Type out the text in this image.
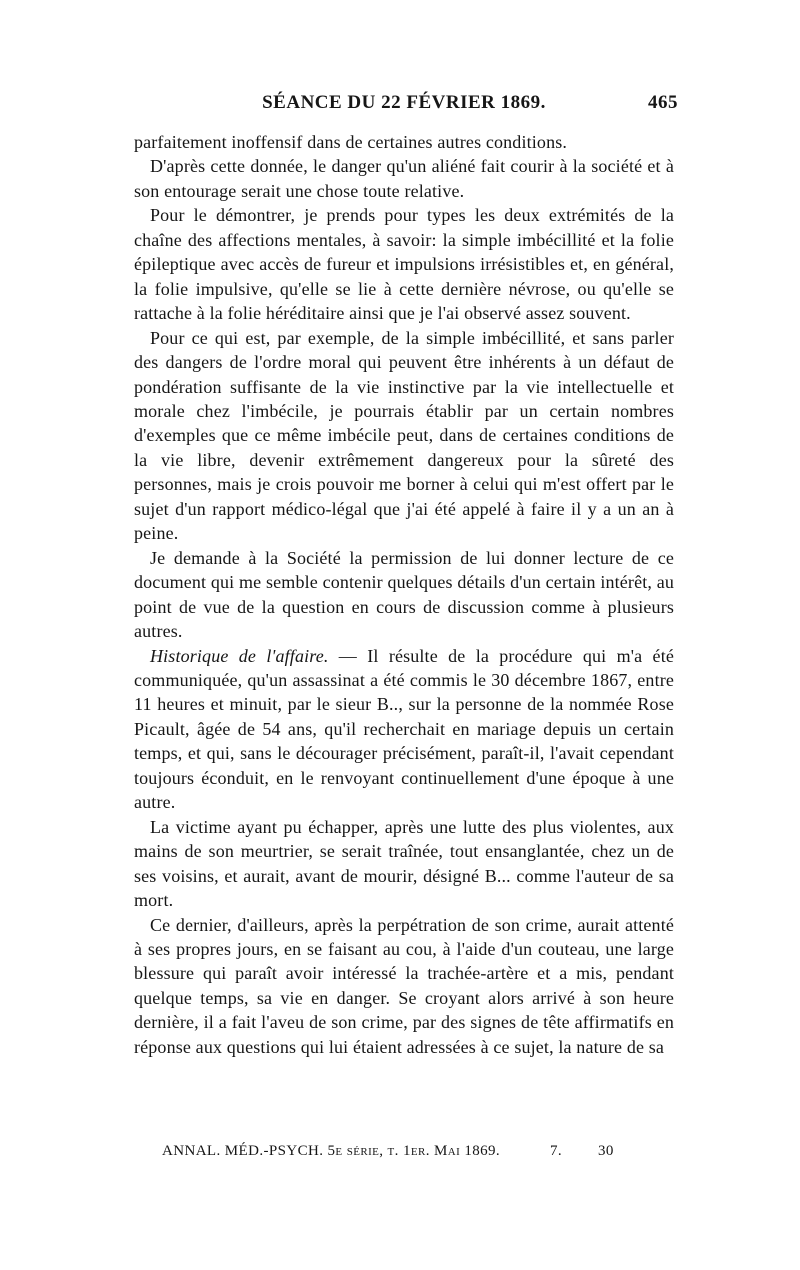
SÉANCE DU 22 FÉVRIER 1869.	465

parfaitement inoffensif dans de certaines autres conditions.

D'après cette donnée, le danger qu'un aliéné fait courir à la société et à son entourage serait une chose toute relative.

Pour le démontrer, je prends pour types les deux extrémités de la chaîne des affections mentales, à savoir: la simple imbécillité et la folie épileptique avec accès de fureur et impulsions irrésistibles et, en général, la folie impulsive, qu'elle se lie à cette dernière névrose, ou qu'elle se rattache à la folie héréditaire ainsi que je l'ai observé assez souvent.

Pour ce qui est, par exemple, de la simple imbécillité, et sans parler des dangers de l'ordre moral qui peuvent être inhérents à un défaut de pondération suffisante de la vie instinctive par la vie intellectuelle et morale chez l'imbécile, je pourrais établir par un certain nombres d'exemples que ce même imbécile peut, dans de certaines conditions de la vie libre, devenir extrêmement dangereux pour la sûreté des personnes, mais je crois pouvoir me borner à celui qui m'est offert par le sujet d'un rapport médico-légal que j'ai été appelé à faire il y a un an à peine.

Je demande à la Société la permission de lui donner lecture de ce document qui me semble contenir quelques détails d'un certain intérêt, au point de vue de la question en cours de discussion comme à plusieurs autres.

Historique de l'affaire. — Il résulte de la procédure qui m'a été communiquée, qu'un assassinat a été commis le 30 décembre 1867, entre 11 heures et minuit, par le sieur B.., sur la personne de la nommée Rose Picault, âgée de 54 ans, qu'il recherchait en mariage depuis un certain temps, et qui, sans le décourager précisément, paraît-il, l'avait cependant toujours éconduit, en le renvoyant continuellement d'une époque à une autre.

La victime ayant pu échapper, après une lutte des plus violentes, aux mains de son meurtrier, se serait traînée, tout ensanglantée, chez un de ses voisins, et aurait, avant de mourir, désigné B... comme l'auteur de sa mort.

Ce dernier, d'ailleurs, après la perpétration de son crime, aurait attenté à ses propres jours, en se faisant au cou, à l'aide d'un couteau, une large blessure qui paraît avoir intéressé la trachée-artère et a mis, pendant quelque temps, sa vie en danger. Se croyant alors arrivé à son heure dernière, il a fait l'aveu de son crime, par des signes de tête affirmatifs en réponse aux questions qui lui étaient adressées à ce sujet, la nature de sa

ANNAL. MÉD.-PSYCH. 5e série, t. 1er. Mai 1869.	7. 30
